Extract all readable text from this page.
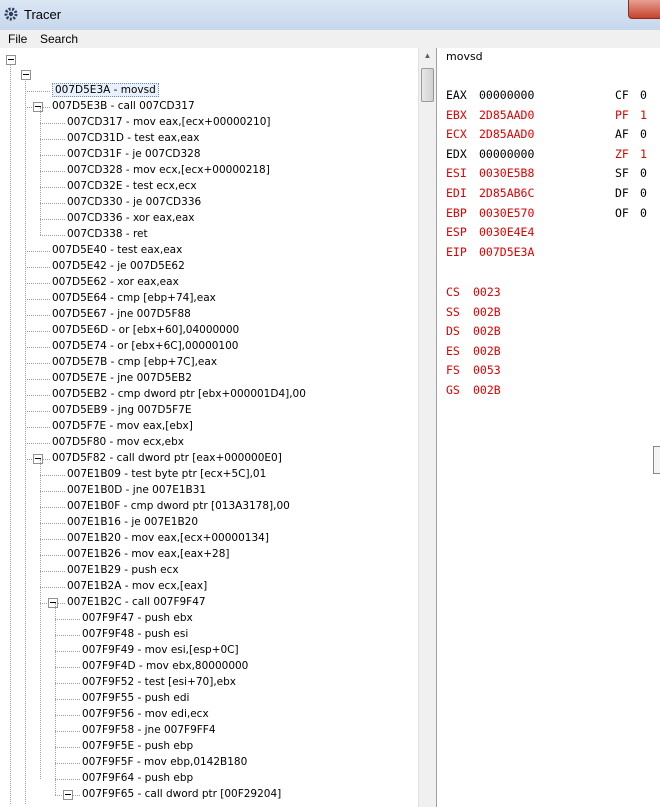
Tracer
File Search
007D5E3A - movsd
007D5E3B - call 007CD317
007CD317 - mov eax,[ecx+00000210]
007CD31D - test eax,eax
007CD31F - je 007CD328
007CD328 - mov ecx,[ecx+00000218]
007CD32E - test ecx,ecx
007CD330 - je 007CD336
007CD336 - xor eax,eax
007CD338 - ret
007D5E40 - test eax,eax
007D5E42 - je 007D5E62
007D5E62 - xor eax,eax
007D5E64 - cmp [ebp+74],eax
007D5E67 - jne 007D5F88
007D5E6D - or [ebx+60],04000000
007D5E74 - or [ebx+6C],00000100
007D5E7B - cmp [ebp+7C],eax
007D5E7E - jne 007D5EB2
007D5EB2 - cmp dword ptr [ebx+000001D4],00
007D5EB9 - jng 007D5F7E
007D5F7E - mov eax,[ebx]
007D5F80 - mov ecx,ebx
007D5F82 - call dword ptr [eax+000000E0]
007E1B09 - test byte ptr [ecx+5C],01
007E1B0D - jne 007E1B31
007E1B0F - cmp dword ptr [013A3178],00
007E1B16 - je 007E1B20
007E1B20 - mov eax,[ecx+00000134]
007E1B26 - mov eax,[eax+28]
007E1B29 - push ecx
007E1B2A - mov ecx,[eax]
007E1B2C - call 007F9F47
007F9F47 - push ebx
007F9F48 - push esi
007F9F49 - mov esi,[esp+0C]
007F9F4D - mov ebx,80000000
007F9F52 - test [esi+70],ebx
007F9F55 - push edi
007F9F56 - mov edi,ecx
007F9F58 - jne 007F9FF4
007F9F5E - push ebp
007F9F5F - mov ebp,0142B180
007F9F64 - push ebp
007F9F65 - call dword ptr [00F29204]
▲	movsd
EAX 00000000
EBX 2D85AAD0
ECX 2D85AAD0
EDX 00000000
ESI 0030E5B8
EDI 2D85AB6C
EBP 0030E570
ESP 0030E4E4
EIP 007D5E3A
CF 0
PF 1
AF 0
ZF 1
SF 0
DF 0
OF 0
CS 0023
SS 002B
DS 002B
ES 002B
FS 0053
GS 002B
